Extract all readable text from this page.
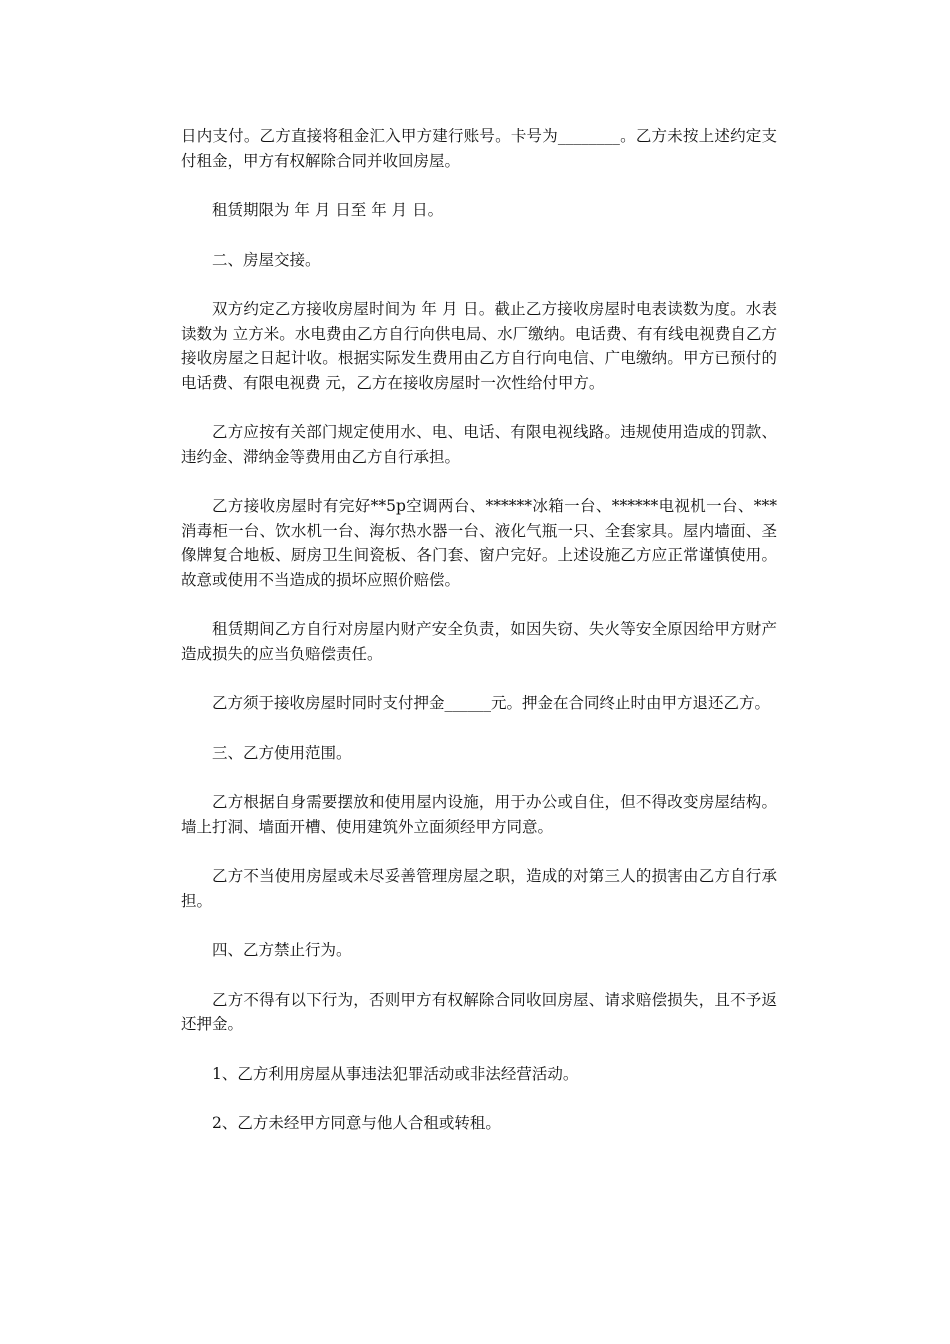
日内支付。乙方直接将租金汇入甲方建行账号。卡号为________。乙方未按上述约定支付租金，甲方有权解除合同并收回房屋。

租赁期限为 年 月 日至 年 月 日。

二、房屋交接。

双方约定乙方接收房屋时间为 年 月 日。截止乙方接收房屋时电表读数为度。水表读数为 立方米。水电费由乙方自行向供电局、水厂缴纳。电话费、有有线电视费自乙方接收房屋之日起计收。根据实际发生费用由乙方自行向电信、广电缴纳。甲方已预付的电话费、有限电视费 元，乙方在接收房屋时一次性给付甲方。

乙方应按有关部门规定使用水、电、电话、有限电视线路。违规使用造成的罚款、违约金、滞纳金等费用由乙方自行承担。

乙方接收房屋时有完好**5p空调两台、******冰箱一台、******电视机一台、***消毒柜一台、饮水机一台、海尔热水器一台、液化气瓶一只、全套家具。屋内墙面、圣像牌复合地板、厨房卫生间瓷板、各门套、窗户完好。上述设施乙方应正常谨慎使用。故意或使用不当造成的损坏应照价赔偿。

租赁期间乙方自行对房屋内财产安全负责，如因失窃、失火等安全原因给甲方财产造成损失的应当负赔偿责任。

乙方须于接收房屋时同时支付押金______元。押金在合同终止时由甲方退还乙方。

三、乙方使用范围。

乙方根据自身需要摆放和使用屋内设施，用于办公或自住，但不得改变房屋结构。墙上打洞、墙面开槽、使用建筑外立面须经甲方同意。

乙方不当使用房屋或未尽妥善管理房屋之职，造成的对第三人的损害由乙方自行承担。

四、乙方禁止行为。

乙方不得有以下行为，否则甲方有权解除合同收回房屋、请求赔偿损失，且不予返还押金。

1、乙方利用房屋从事违法犯罪活动或非法经营活动。

2、乙方未经甲方同意与他人合租或转租。
